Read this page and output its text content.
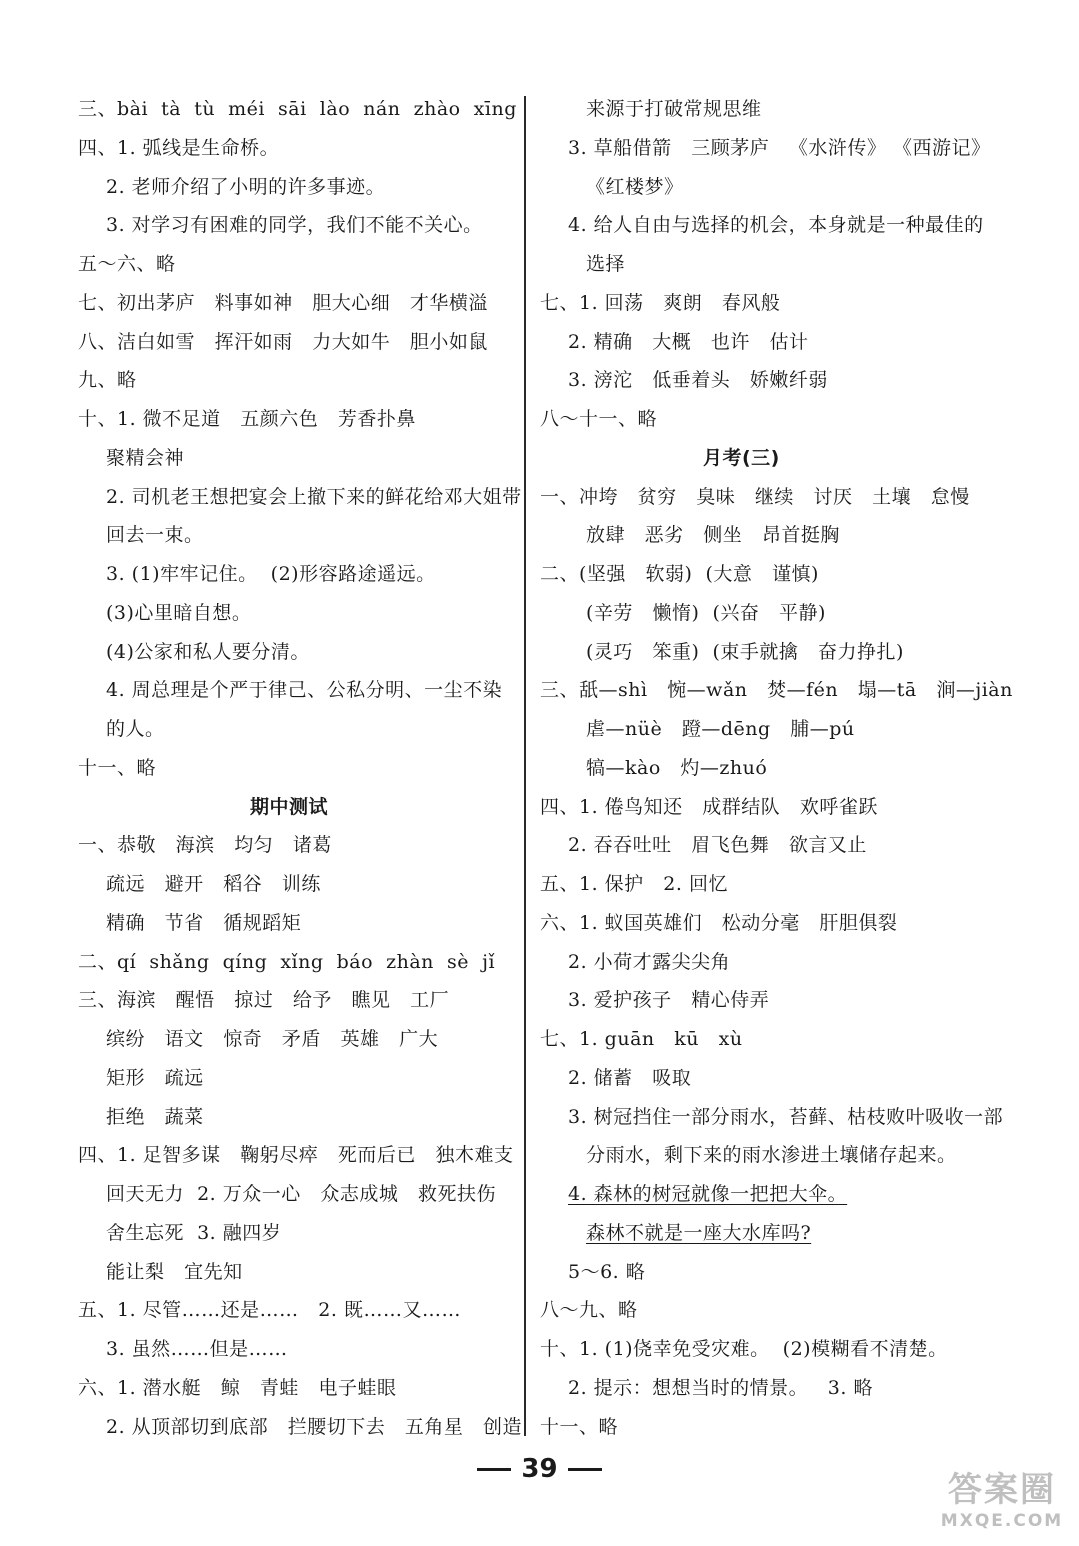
三、bài  tà  tù  méi  sāi  lào  nán  zhào  xīng
四、1. 弧线是生命桥。
2. 老师介绍了小明的许多事迹。
3. 对学习有困难的同学，我们不能不关心。
五～六、略
七、初出茅庐   料事如神   胆大心细   才华横溢
八、洁白如雪   挥汗如雨   力大如牛   胆小如鼠
九、略
十、1. 微不足道   五颜六色   芳香扑鼻
聚精会神
2. 司机老王想把宴会上撤下来的鲜花给邓大姐带
回去一束。
3. (1)牢牢记住。  (2)形容路途遥远。
(3)心里暗自想。
(4)公家和私人要分清。
4. 周总理是个严于律己、公私分明、一尘不染
的人。
十一、略
期中测试
一、恭敬   海滨   均匀   诸葛
疏远   避开   稻谷   训练
精确   节省   循规蹈矩
二、qí  shǎng  qíng  xǐng  báo  zhàn  sè  jǐ
三、海滨   醒悟   掠过   给予   瞧见   工厂
缤纷   语文   惊奇   矛盾   英雄   广大
矩形   疏远
拒绝   蔬菜
四、1. 足智多谋   鞠躬尽瘁   死而后已   独木难支
回天无力  2. 万众一心   众志成城   救死扶伤
舍生忘死  3. 融四岁
能让梨   宜先知
五、1. 尽管……还是……   2. 既……又……
3. 虽然……但是……
六、1. 潜水艇   鲸   青蛙   电子蛙眼
2. 从顶部切到底部   拦腰切下去   五角星   创造
来源于打破常规思维
3. 草船借箭   三顾茅庐   《水浒传》 《西游记》
《红楼梦》
4. 给人自由与选择的机会，本身就是一种最佳的
选择
七、1. 回荡   爽朗   春风般
2. 精确   大概   也许   估计
3. 滂沱   低垂着头   娇嫩纤弱
八～十一、略
月考(三)
一、冲垮   贫穷   臭味   继续   讨厌   土壤   怠慢
放肆   恶劣   侧坐   昂首挺胸
二、(坚强   软弱)  (大意   谨慎)
(辛劳   懒惰)  (兴奋   平静)
(灵巧   笨重)  (束手就擒   奋力挣扎)
三、舐—shì   惋—wǎn   焚—fén   塌—tā   涧—jiàn
虐—nüè   蹬—dēng   脯—pú
犒—kào   灼—zhuó
四、1. 倦鸟知还   成群结队   欢呼雀跃
2. 吞吞吐吐   眉飞色舞   欲言又止
五、1. 保护   2. 回忆
六、1. 蚁国英雄们   松动分毫   肝胆俱裂
2. 小荷才露尖尖角
3. 爱护孩子   精心侍弄
七、1. guān   kū   xù
2. 储蓄   吸取
3. 树冠挡住一部分雨水，苔藓、枯枝败叶吸收一部
分雨水，剩下来的雨水渗进土壤储存起来。
4. 森林的树冠就像一把把大伞。
森林不就是一座大水库吗?
5～6. 略
八～九、略
十、1. (1)侥幸免受灾难。  (2)模糊看不清楚。
2. 提示：想想当时的情景。   3. 略
十一、略
39
答案圈
MXQE.COM
